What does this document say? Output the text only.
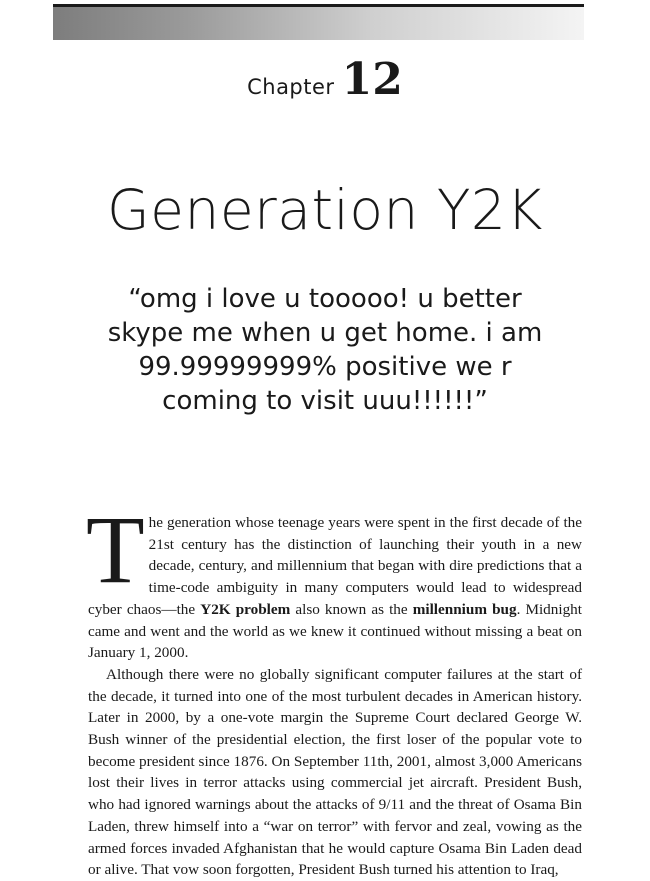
Chapter 12
Generation Y2K
“omg i love u tooooo! u better skype me when u get home. i am 99.99999999% positive we r coming to visit uuu!!!!!!”

The generation whose teenage years were spent in the first decade of the 21st century has the distinction of launching their youth in a new decade, century, and millennium that began with dire predictions that a time-code ambiguity in many computers would lead to widespread cyber chaos—the Y2K problem also known as the millennium bug. Midnight came and went and the world as we knew it continued without missing a beat on January 1, 2000.

Although there were no globally significant computer failures at the start of the decade, it turned into one of the most turbulent decades in American history. Later in 2000, by a one-vote margin the Supreme Court declared George W. Bush winner of the presidential election, the first loser of the popular vote to become president since 1876. On September 11th, 2001, almost 3,000 Americans lost their lives in terror attacks using commercial jet aircraft. President Bush, who had ignored warnings about the attacks of 9/11 and the threat of Osama Bin Laden, threw himself into a “war on terror” with fervor and zeal, vowing as the armed forces invaded Afghanistan that he would capture Osama Bin Laden dead or alive. That vow soon forgotten, President Bush turned his attention to Iraq,
